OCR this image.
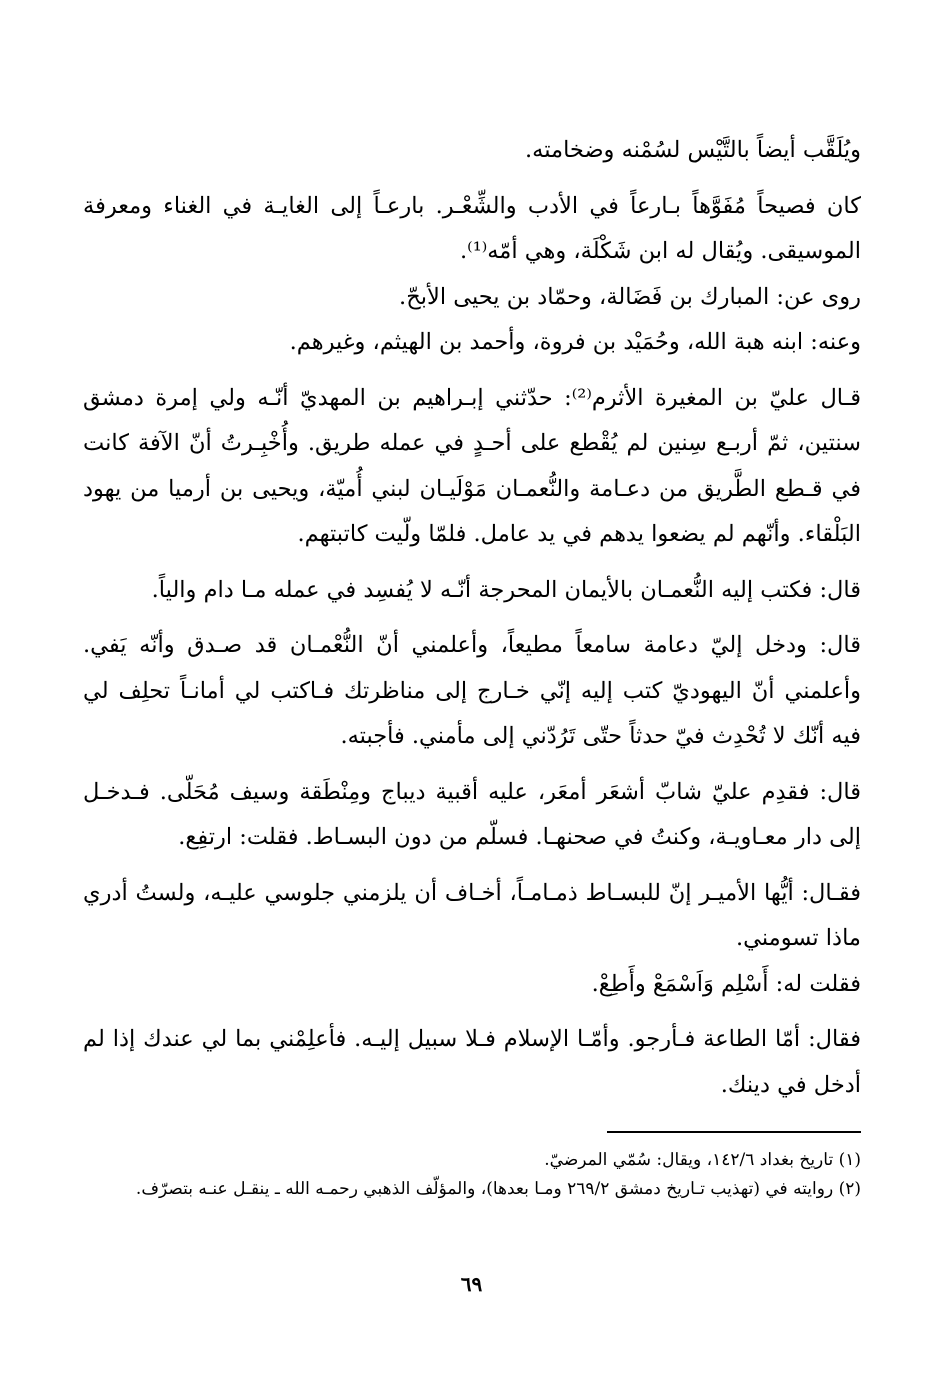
ويُلَقَّب أيضاً بالتَّيْس لسُمْنه وضخامته.

كان فصيحاً مُفَوَّهاً بـارعاً في الأدب والشِّعْـر. بارعـاً إلى الغايـة في الغناء ومعرفة الموسيقى. ويُقال له ابن شَكْلَة، وهي أمّه⁽¹⁾.

روى عن: المبارك بن فَضَالة، وحمّاد بن يحيى الأبحّ.

وعنه: ابنه هبة الله، وحُمَيْد بن فروة، وأحمد بن الهيثم، وغيرهم.

قـال عليّ بن المغيرة الأثرم⁽²⁾: حدّثني إبـراهيم بن المهديّ أنّـه ولي إمرة دمشق سنتين، ثمّ أربـع سِنين لم يُقْطع على أحـدٍ في عمله طريق. وأُخْبِـرتُ أنّ الآفة كانت في قـطع الطَّريق من دعـامة والنُّعمـان مَوْلَيـان لبني أُميّة، ويحيى بن أرميا من يهود البَلْقاء. وأنّهم لم يضعوا يدهم في يد عامل. فلمّا ولّيت كاتبتهم.

قال: فكتب إليه النُّعمـان بالأيمان المحرجة أنّـه لا يُفسِد في عمله مـا دام والياً.

قال: ودخل إليّ دعامة سامعاً مطيعاً، وأعلمني أنّ النُّعْمـان قد صـدق وأنّه يَفي. وأعلمني أنّ اليهوديّ كتب إليه إنّي خـارج إلى مناظرتك فـاكتب لي أمانـاً تحلِف لي فيه أنّك لا تُحْدِث فيّ حدثاً حتّى تَرُدّني إلى مأمني. فأجبته.

قال: فقدِم عليّ شابّ أشعَر أمعَر، عليه أقبية ديباج ومِنْطَقة وسيف مُحَلّى. فـدخـل إلى دار معـاويـة، وكنتُ في صحنهـا. فسلّم من دون البسـاط. فقلت: ارتفِع.

فقـال: أيُّها الأميـر إنّ للبسـاط ذمـامـاً، أخـاف أن يلزمني جلوسي عليـه، ولستُ أدري ماذا تسومني.

فقلت له: أَسْلِم وَاَسْمَعْ وأَطِعْ.

فقال: أمّا الطاعة فـأرجو. وأمّـا الإسلام فـلا سبيل إليـه. فأعلِمْني بما لي عندك إذا لم أدخل في دينك.

(١) تاريخ بغداد ١٤٢/٦، ويقال: سُمّي المرضيّ.

(٢) روايته في (تهذيب تـاريخ دمشق ٢٦٩/٢ ومـا بعدها)، والمؤلّف الذهبي رحمـه الله ـ ينقـل عنـه بتصرّف.

٦٩
